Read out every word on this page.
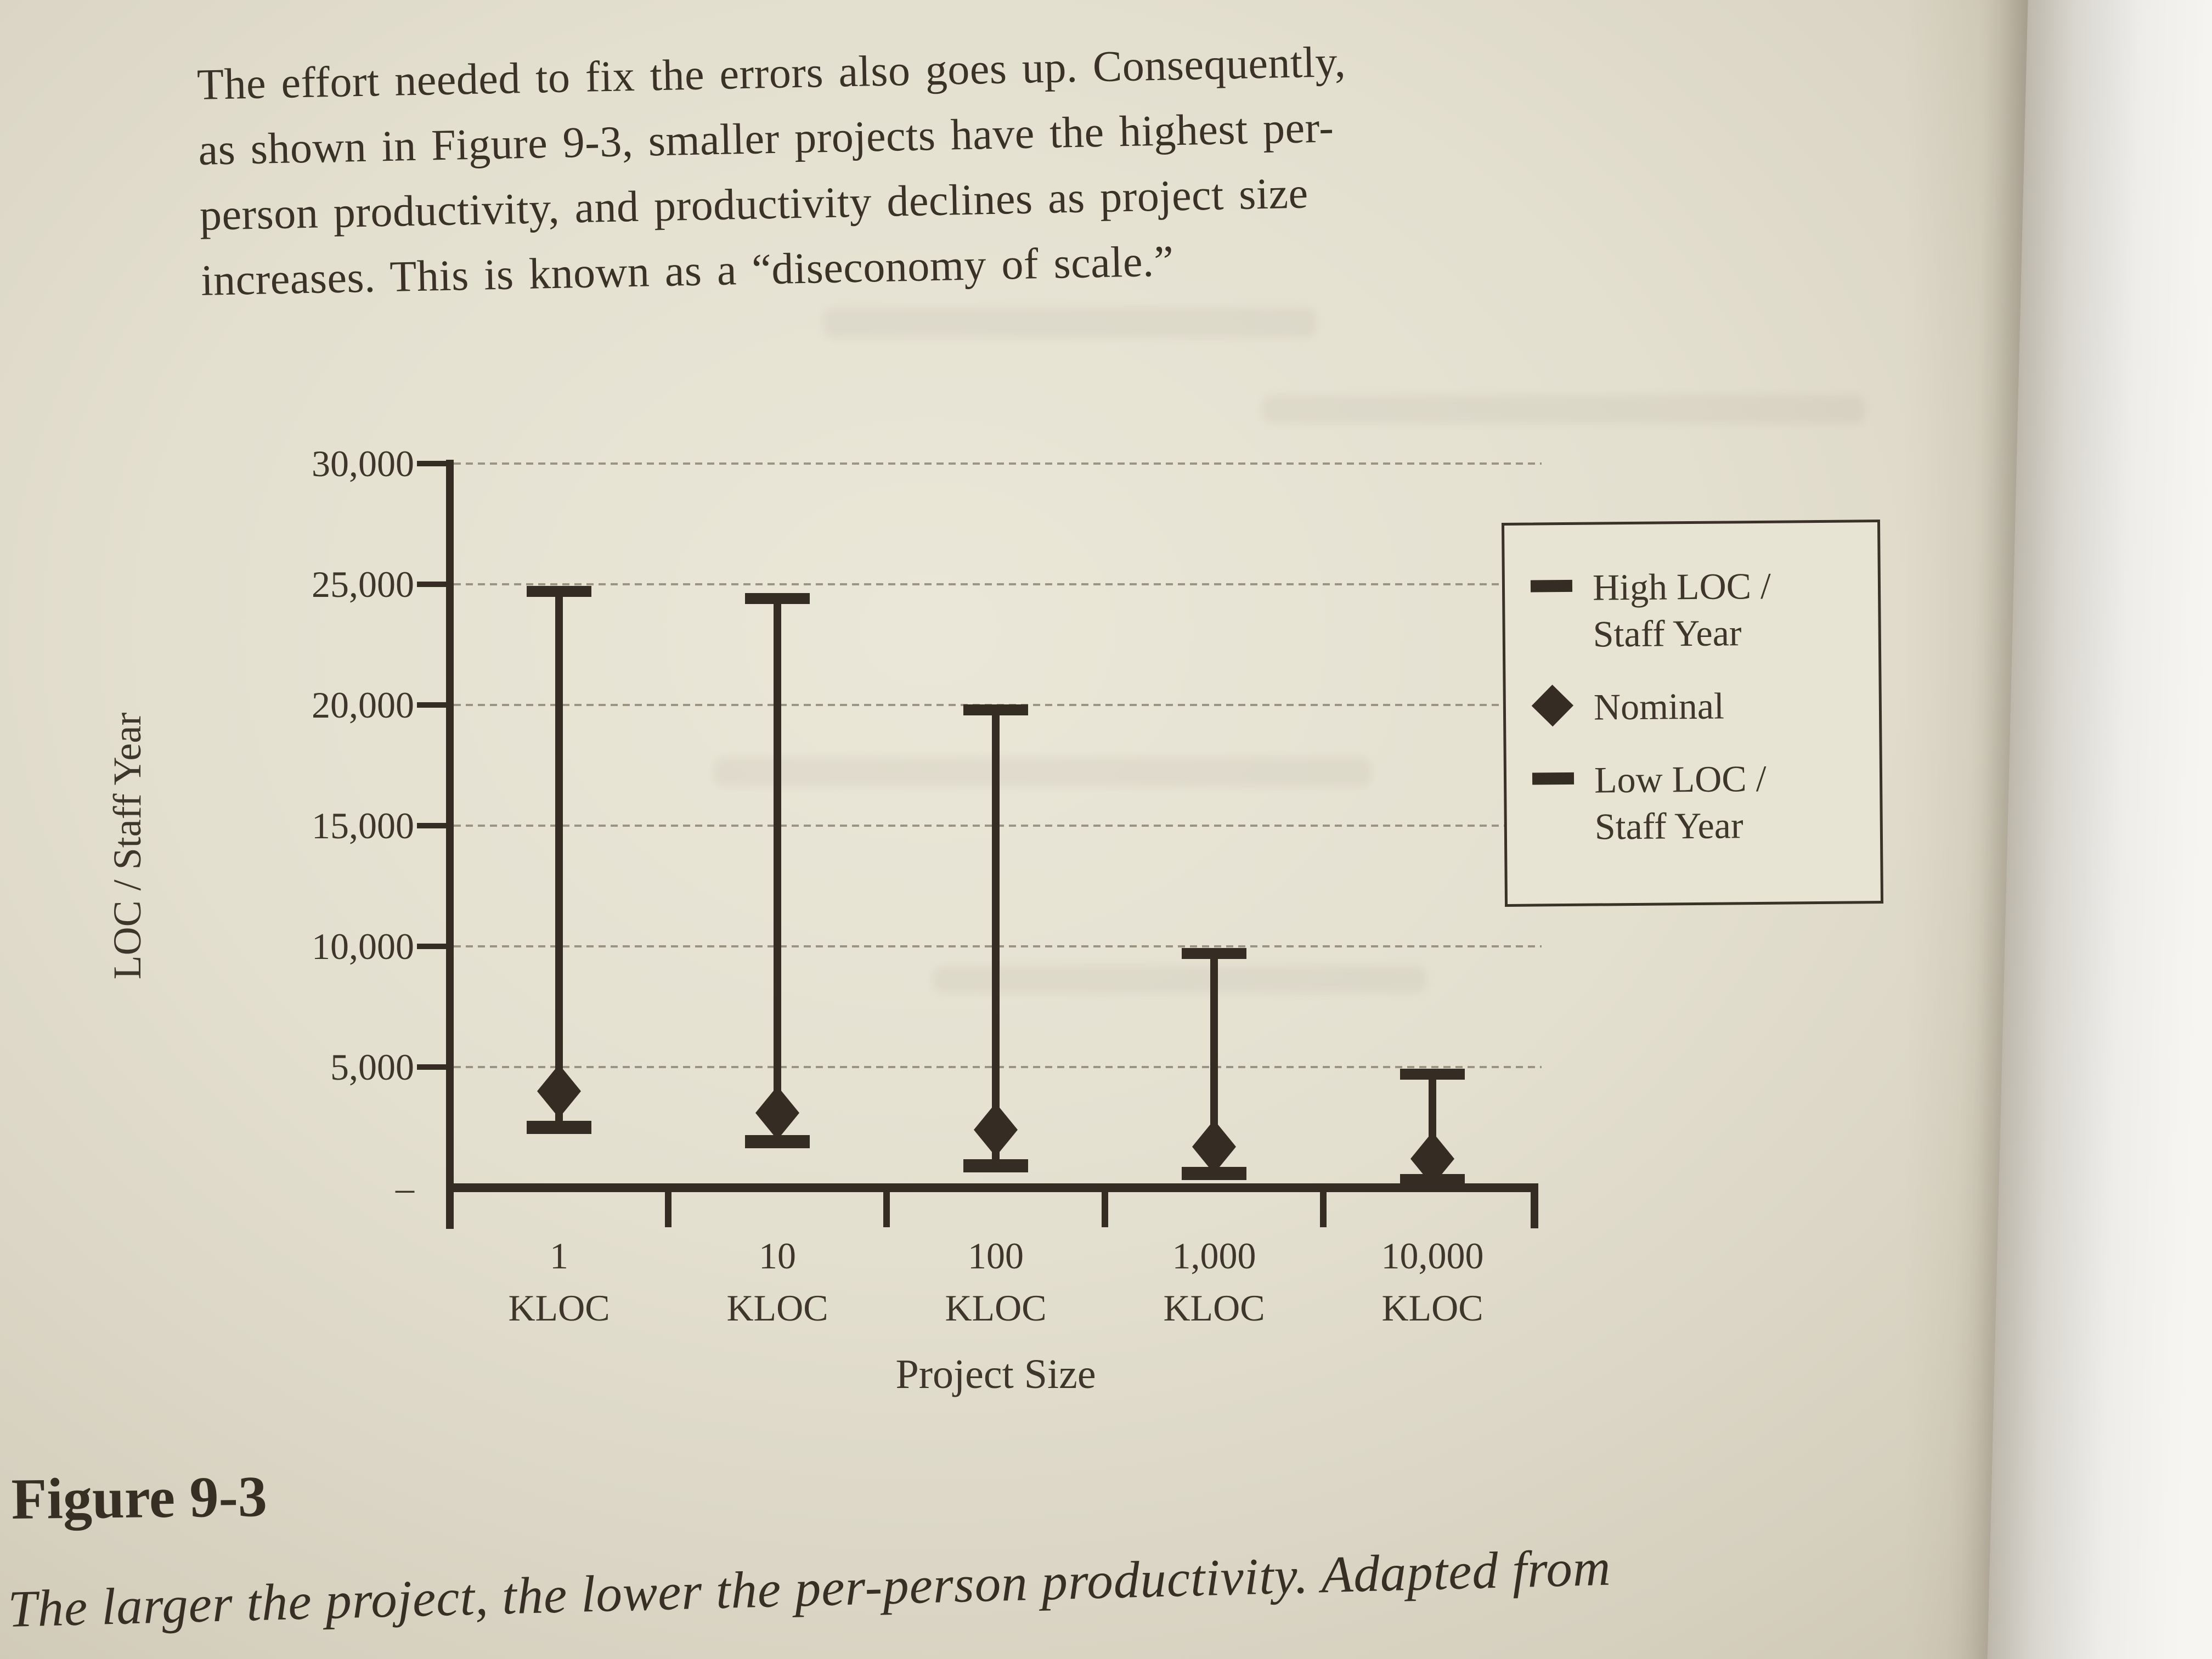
The effort needed to fix the errors also goes up. Consequently,
as shown in Figure 9-3, smaller projects have the highest per-
person productivity, and productivity declines as project size
increases. This is known as a “diseconomy of scale.”
LOC / Staff Year
30,000
25,000
20,000
15,000
10,000
5,000
–
1
KLOC
10
KLOC
100
KLOC
1,000
KLOC
10,000
KLOC
Project Size
High LOC /
Staff Year
Nominal
Low LOC /
Staff Year
Figure 9-3
The larger the project, the lower the per-person productivity. Adapted from
